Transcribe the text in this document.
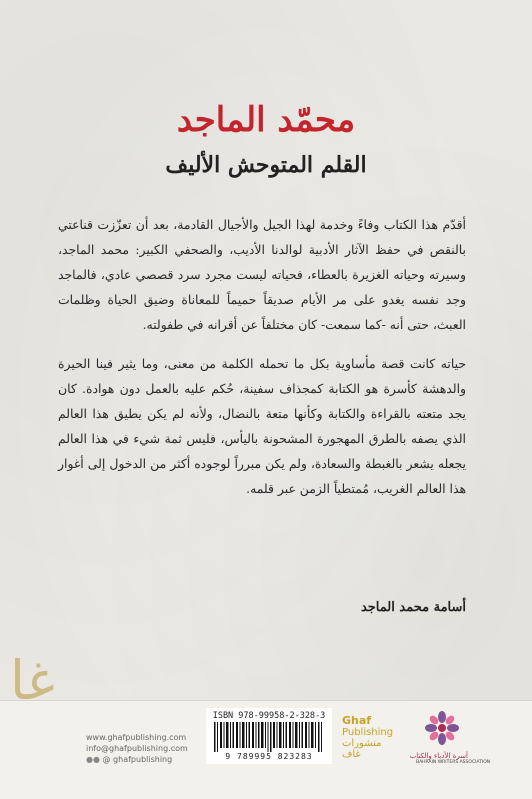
محمّد الماجد
القلم المتوحش الأليف

أقدّم هذا الكتاب وفاءً وخدمة لهذا الجيل والأجيال القادمة، بعد أن تعزّزت قناعتي بالنقص في حفظ الآثار الأدبية لوالدنا الأديب، والصحفي الكبير: محمد الماجد، وسيرته وحياته الغزيرة بالعطاء، فحياته ليست مجرد سرد قصصي عادي، فالماجد وجد نفسه يغدو على مر الأيام صديقاً حميماً للمعاناة وضيق الحياة وظلمات العبث، حتى أنه -كما سمعت- كان مختلفاً عن أقرانه في طفولته.

حياته كانت قصة مأساوية بكل ما تحمله الكلمة من معنى، وما يثير فينا الحيرة والدهشة كأسرة هو الكتابة كمجذاف سفينة، حُكم عليه بالعمل دون هوادة. كان يجد متعته بالقراءة والكتابة وكأنها متعة بالنضال، ولأنه لم يكن يطيق هذا العالم الذي يصفه بالطرق المهجورة المشحونة باليأس، فليس ثمة شيء في هذا العالم يجعله يشعر بالغبطة والسعادة، ولم يكن مبرراً لوجوده أكثر من الدخول إلى أغوار هذا العالم الغريب، مُمتطياً الزمن عبر قلمه.

أسامة محمد الماجد
غا
www.ghafpublishing.com
info@ghafpublishing.com
●● @ ghafpublishing
ISBN 978-99958-2-328-3
9 789995 823283
Ghaf
Publishing
منشورات غاف	أسرة الأدباء والكتاب
BAHRAIN WRITERS ASSOCIATION
